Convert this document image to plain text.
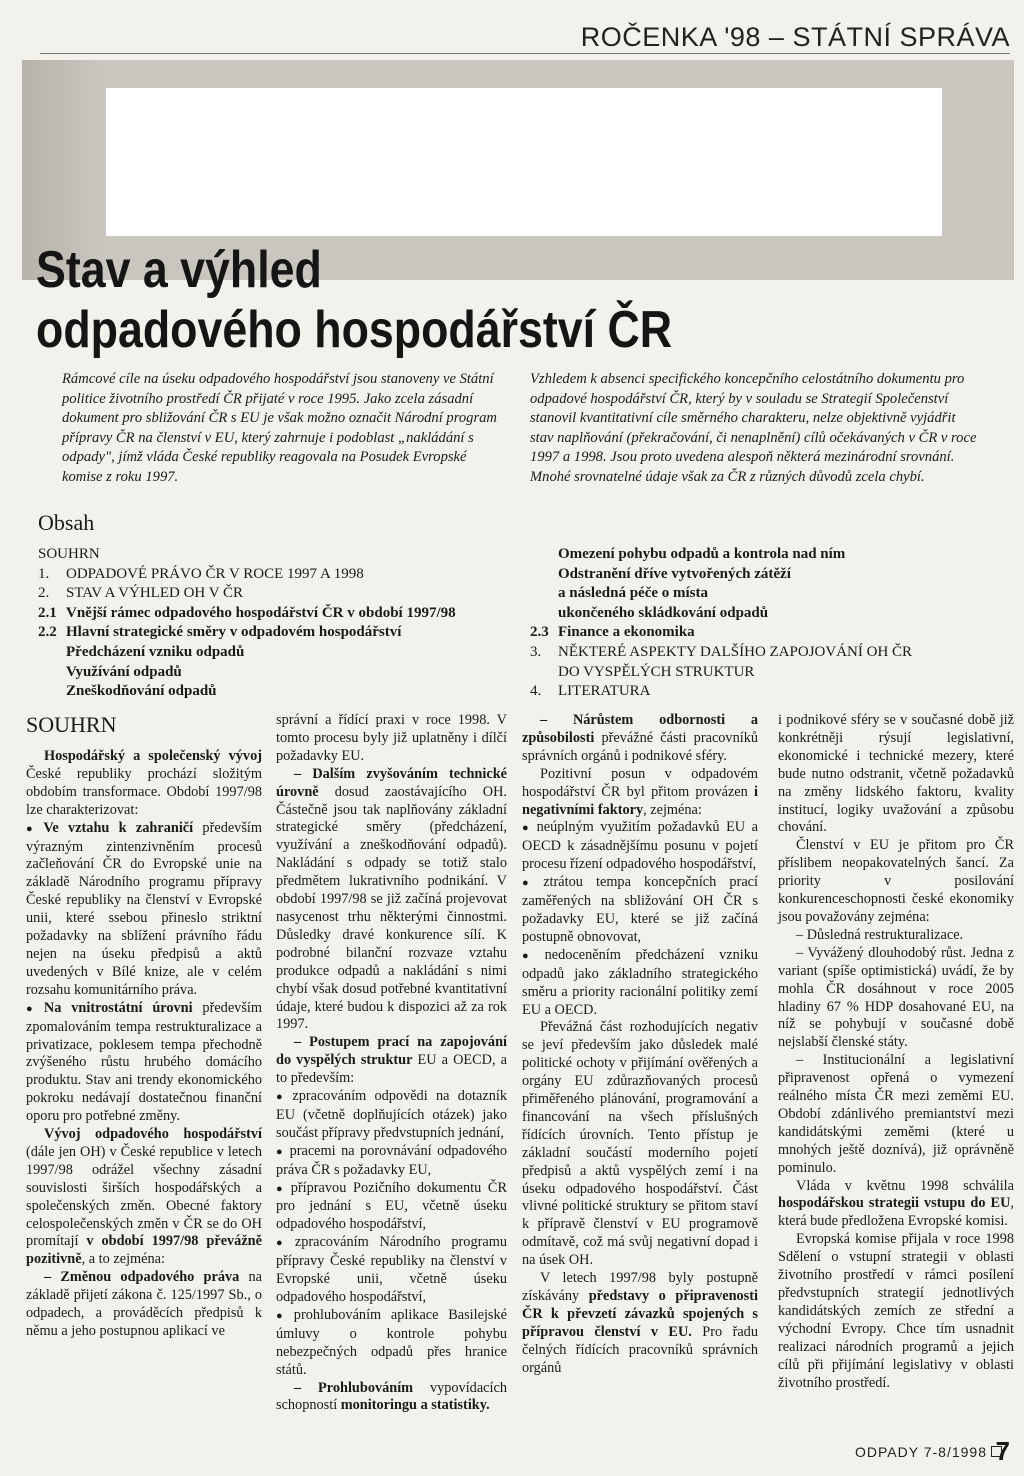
ROČENKA '98 – STÁTNÍ SPRÁVA
Stav a výhled
odpadového hospodářství ČR

Rámcové cíle na úseku odpadového hospodářství jsou stanoveny ve Státní politice životního prostředí ČR přijaté v roce 1995. Jako zcela zásadní dokument pro sbližování ČR s EU je však možno označit Národní program přípravy ČR na členství v EU, který zahrnuje i podoblast „nakládání s odpady", jímž vláda České republiky reagovala na Posudek Evropské komise z roku 1997.

Vzhledem k absenci specifického koncepčního celostátního dokumentu pro odpadové hospodářství ČR, který by v souladu se Strategií Společenství stanovil kvantitativní cíle směrného charakteru, nelze objektivně vyjádřit stav naplňování (překračování, či nenaplnění) cílů očekávaných v ČR v roce 1997 a 1998. Jsou proto uvedena alespoň některá mezinárodní srovnání. Mnohé srovnatelné údaje však za ČR z různých důvodů zcela chybí.

Obsah
SOUHRN
1. ODPADOVÉ PRÁVO ČR V ROCE 1997 A 1998
2. STAV A VÝHLED OH V ČR
2.1 Vnější rámec odpadového hospodářství ČR v období 1997/98
2.2 Hlavní strategické směry v odpadovém hospodářství
Předcházení vzniku odpadů
Využívání odpadů
Zneškodňování odpadů
Omezení pohybu odpadů a kontrola nad ním
Odstranění dříve vytvořených zátěží
a následná péče o místa
ukončeného skládkování odpadů
2.3 Finance a ekonomika
3. NĚKTERÉ ASPEKTY DALŠÍHO ZAPOJOVÁNÍ OH ČR
DO VYSPĚLÝCH STRUKTUR
4. LITERATURA
SOUHRN

Hospodářský a společenský vývoj České republiky prochází složitým obdobím transformace. Období 1997/98 lze charakterizovat:

● Ve vztahu k zahraničí především výrazným zintenzivněním procesů začleňování ČR do Evropské unie na základě Národního programu přípravy České republiky na členství v Evropské unii, které ssebou přineslo striktní požadavky na sblížení právního řádu nejen na úseku předpisů a aktů uvedených v Bílé knize, ale v celém rozsahu komunitárního práva.

● Na vnitrostátní úrovni především zpomalováním tempa restrukturalizace a privatizace, poklesem tempa přechodně zvýšeného růstu hrubého domácího produktu. Stav ani trendy ekonomického pokroku nedávají dostatečnou finanční oporu pro potřebné změny.

Vývoj odpadového hospodářství (dále jen OH) v České republice v letech 1997/98 odrážel všechny zásadní souvislosti širších hospodářských a společenských změn. Obecné faktory celospolečenských změn v ČR se do OH promítají v období 1997/98 převážně pozitivně, a to zejména:

– Změnou odpadového práva na základě přijetí zákona č. 125/1997 Sb., o odpadech, a prováděcích předpisů k němu a jeho postupnou aplikací ve

správní a řídící praxi v roce 1998. V tomto procesu byly již uplatněny i dílčí požadavky EU.

– Dalším zvyšováním technické úrovně dosud zaostávajícího OH. Částečně jsou tak naplňovány základní strategické směry (předcházení, využívání a zneškodňování odpadů). Nakládání s odpady se totiž stalo předmětem lukrativního podnikání. V období 1997/98 se již začíná projevovat nasycenost trhu některými činnostmi. Důsledky dravé konkurence sílí. K podrobné bilanční rozvaze vztahu produkce odpadů a nakládání s nimi chybí však dosud potřebné kvantitativní údaje, které budou k dispozici až za rok 1997.

– Postupem prací na zapojování do vyspělých struktur EU a OECD, a to především:

● zpracováním odpovědi na dotazník EU (včetně doplňujících otázek) jako součást přípravy předvstupních jednání,

● pracemi na porovnávání odpadového práva ČR s požadavky EU,

● přípravou Pozičního dokumentu ČR pro jednání s EU, včetně úseku odpadového hospodářství,

● zpracováním Národního programu přípravy České republiky na členství v Evropské unii, včetně úseku odpadového hospodářství,

● prohlubováním aplikace Basilejské úmluvy o kontrole pohybu nebezpečných odpadů přes hranice států.

– Prohlubováním vypovídacích schopností monitoringu a statistiky.

– Nárůstem odbornosti a způsobilosti převážné části pracovníků správních orgánů i podnikové sféry.

Pozitivní posun v odpadovém hospodářství ČR byl přitom provázen i negativními faktory, zejména:

● neúplným využitím požadavků EU a OECD k zásadnějšímu posunu v pojetí procesu řízení odpadového hospodářství,

● ztrátou tempa koncepčních prací zaměřených na sbližování OH ČR s požadavky EU, které se již začíná postupně obnovovat,

● nedoceněním předcházení vzniku odpadů jako základního strategického směru a priority racionální politiky zemí EU a OECD.

Převážná část rozhodujících negativ se jeví především jako důsledek malé politické ochoty v přijímání ověřených a orgány EU zdůrazňovaných procesů přiměřeného plánování, programování a financování na všech příslušných řídících úrovních. Tento přístup je základní součástí moderního pojetí předpisů a aktů vyspělých zemí i na úseku odpadového hospodářství. Část vlivné politické struktury se přitom staví k přípravě členství v EU programově odmítavě, což má svůj negativní dopad i na úsek OH.

V letech 1997/98 byly postupně získávány představy o připravenosti ČR k převzetí závazků spojených s přípravou členství v EU. Pro řadu čelných řídících pracovníků správních orgánů

i podnikové sféry se v současné době již konkrétněji rýsují legislativní, ekonomické i technické mezery, které bude nutno odstranit, včetně požadavků na změny lidského faktoru, kvality institucí, logiky uvažování a způsobu chování.

Členství v EU je přitom pro ČR příslibem neopakovatelných šancí. Za priority v posilování konkurenceschopnosti české ekonomiky jsou považovány zejména:

– Důsledná restrukturalizace.

– Vyvážený dlouhodobý růst. Jedna z variant (spíše optimistická) uvádí, že by mohla ČR dosáhnout v roce 2005 hladiny 67 % HDP dosahované EU, na níž se pohybují v současné době nejslabší členské státy.

– Institucionální a legislativní připravenost opřená o vymezení reálného místa ČR mezi zeměmi EU. Období zdánlivého premiantství mezi kandidátskými zeměmi (které u mnohých ještě doznívá), již oprávněně pominulo.

Vláda v květnu 1998 schválila hospodářskou strategii vstupu do EU, která bude předložena Evropské komisi.

Evropská komise přijala v roce 1998 Sdělení o vstupní strategii v oblasti životního prostředí v rámci posílení předvstupních strategií jednotlivých kandidátských zemích ze střední a východní Evropy. Chce tím usnadnit realizaci národních programů a jejich cílů při přijímání legislativy v oblasti životního prostředí.

ODPADY 7-8/1998 7
